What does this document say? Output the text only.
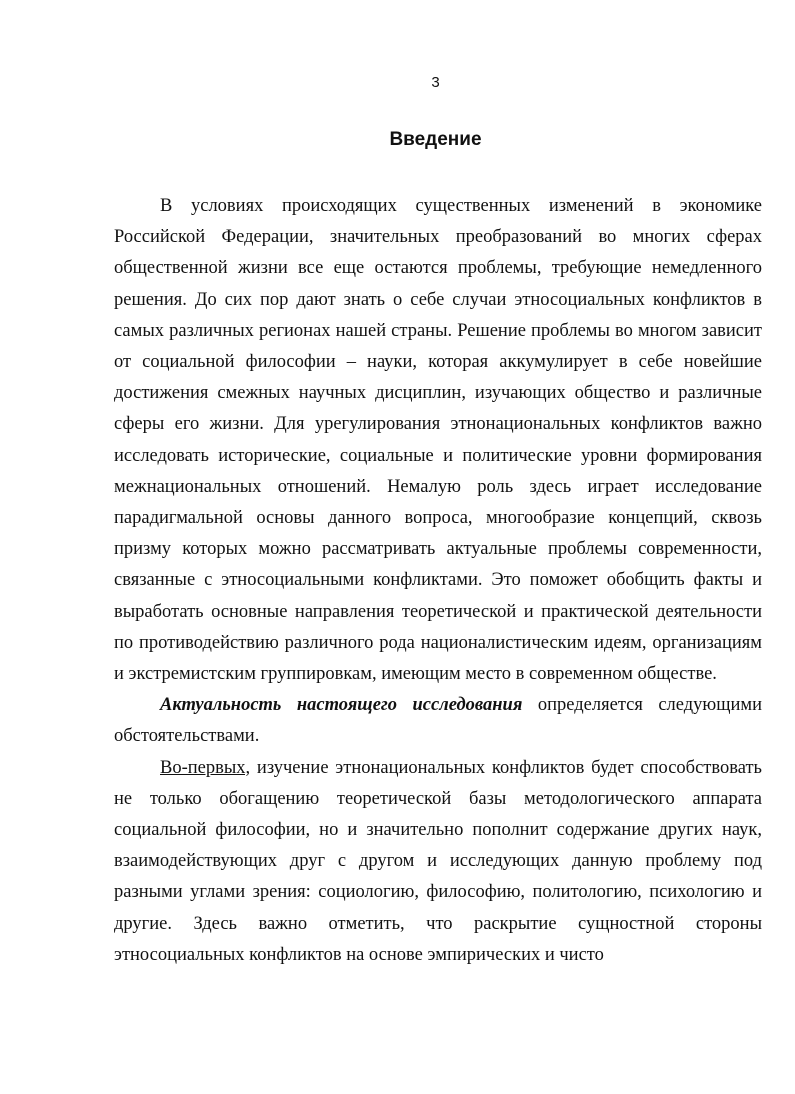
3
Введение

В условиях происходящих существенных изменений в экономике Российской Федерации, значительных преобразований во многих сферах общественной жизни все еще остаются проблемы, требующие немедленного решения. До сих пор дают знать о себе случаи этносоциальных конфликтов в самых различных регионах нашей страны. Решение проблемы во многом зависит от социальной философии – науки, которая аккумулирует в себе новейшие достижения смежных научных дисциплин, изучающих общество и различные сферы его жизни. Для урегулирования этнонациональных конфликтов важно исследовать исторические, социальные и политические уровни формирования межнациональных отношений. Немалую роль здесь играет исследование парадигмальной основы данного вопроса, многообразие концепций, сквозь призму которых можно рассматривать актуальные проблемы современности, связанные с этносоциальными конфликтами. Это поможет обобщить факты и выработать основные направления теоретической и практической деятельности по противодействию различного рода националистическим идеям, организациям и экстремистским группировкам, имеющим место в современном обществе.

Актуальность настоящего исследования определяется следующими обстоятельствами.

Во-первых, изучение этнонациональных конфликтов будет способствовать не только обогащению теоретической базы методологического аппарата социальной философии, но и значительно пополнит содержание других наук, взаимодействующих друг с другом и исследующих данную проблему под разными углами зрения: социологию, философию, политологию, психологию и другие. Здесь важно отметить, что раскрытие сущностной стороны этносоциальных конфликтов на основе эмпирических и чисто
